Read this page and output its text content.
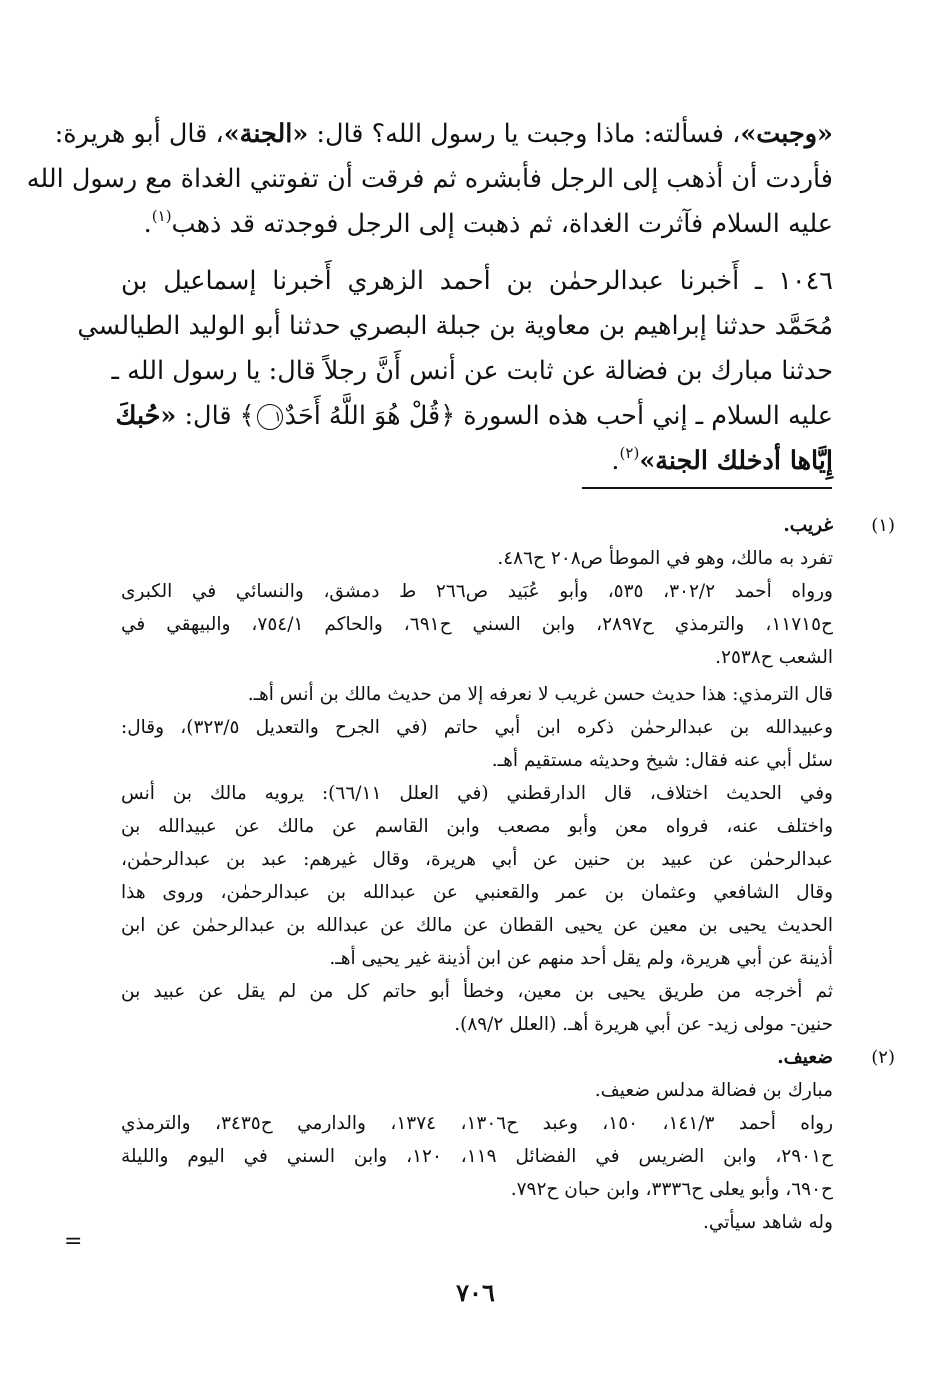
«وجبت»، فسألته: ماذا وجبت يا رسول الله؟ قال: «الجنة»، قال أبو هريرة:
فأردت أن أذهب إلى الرجل فأبشره ثم فرقت أن تفوتني الغداة مع رسول الله
عليه السلام فآثرت الغداة، ثم ذهبت إلى الرجل فوجدته قد ذهب$^{(١)}$.
١٠٤٦ ـ أَخبرنا عبدالرحمٰن بن أحمد الزهري أَخبرنا إسماعيل بن
مُحَمَّد حدثنا إبراهيم بن معاوية بن جبلة البصري حدثنا أبو الوليد الطيالسي
حدثنا مبارك بن فضالة عن ثابت عن أنس أَنَّ رجلاً قال: يا رسول الله ـ
عليه السلام ـ إني أحب هذه السورة ﴿قُلْ هُوَ اللَّهُ أَحَدٌ١﴾ قال: «حُبكَ
إِيَّاها أدخلك الجنة»$^{(٢)}$.
(١)
غريب.
تفرد به مالك، وهو في الموطأ ص٢٠٨ ح٤٨٦.
ورواه أحمد ٣٠٢/٢، ٥٣٥، وأبو عُبَيد ص٢٦٦ ط دمشق، والنسائي في الكبرى
ح١١٧١٥، والترمذي ح٢٨٩٧، وابن السني ح٦٩١، والحاكم ٧٥٤/١، والبيهقي في
الشعب ح٢٥٣٨.
قال الترمذي: هذا حديث حسن غريب لا نعرفه إلا من حديث مالك بن أنس أهـ.
وعبيدالله بن عبدالرحمٰن ذكره ابن أبي حاتم (في الجرح والتعديل ٣٢٣/٥)، وقال:
سئل أبي عنه فقال: شيخ وحديثه مستقيم أهـ.
وفي الحديث اختلاف، قال الدارقطني (في العلل ٦٦/١١): يرويه مالك بن أنس
واختلف عنه، فرواه معن وأبو مصعب وابن القاسم عن مالك عن عبيدالله بن
عبدالرحمٰن عن عبيد بن حنين عن أبي هريرة، وقال غيرهم: عبد بن عبدالرحمٰن،
وقال الشافعي وعثمان بن عمر والقعنبي عن عبدالله بن عبدالرحمٰن، وروى هذا
الحديث يحيى بن معين عن يحيى القطان عن مالك عن عبدالله بن عبدالرحمٰن عن ابن
أذينة عن أبي هريرة، ولم يقل أحد منهم عن ابن أذينة غير يحيى أهـ.
ثم أخرجه من طريق يحيى بن معين، وخطأ أبو حاتم كل من لم يقل عن عبيد بن
حنين- مولى زيد- عن أبي هريرة أهـ. (العلل ٨٩/٢).
(٢)
ضعيف.
مبارك بن فضالة مدلس ضعيف.
رواه أحمد ١٤١/٣، ١٥٠، وعبد ح١٣٠٦، ١٣٧٤، والدارمي ح٣٤٣٥، والترمذي
ح٢٩٠١، وابن الضريس في الفضائل ١١٩، ١٢٠، وابن السني في اليوم والليلة
ح٦٩٠، وأبو يعلى ح٣٣٣٦، وابن حبان ح٧٩٢.
وله شاهد سيأتي.
=
٧٠٦
